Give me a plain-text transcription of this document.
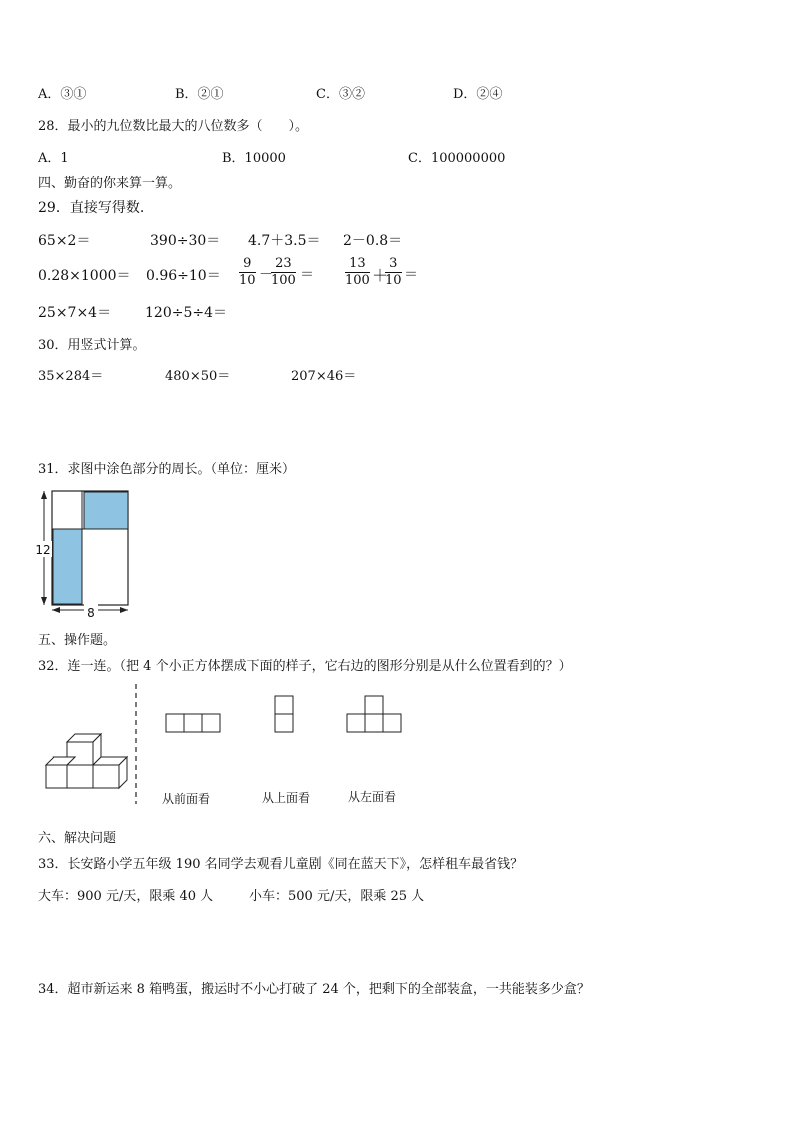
A．③①	B．②①	C．③②	D．②④
28．最小的九位数比最大的八位数多（　　）。
A．1	B．10000	C．100000000
四、勤奋的你来算一算。
29．直接写得数.
65×2＝	390÷30＝ 4.7＋3.5＝ 2－0.8＝
$0.28\times 1000= 0.96\div 10= \frac{9}{10}$ －
$\frac{23}{100} = \frac{13}{100}$ ＋
$\frac{3}{10}$ ＝
25×7×4＝ 120÷5÷4＝
30．用竖式计算。
35×284＝	480×50＝	207×46＝
31．求图中涂色部分的周长。（单位：厘米）
12
8
五、操作题。
32．连一连。（把 4 个小正方体摆成下面的样子，它右边的图形分别是从什么位置看到的？）
从前面看	从上面看	从左面看
六、解决问题
33．长安路小学五年级 190 名同学去观看儿童剧《同在蓝天下》，怎样租车最省钱？
大车：900 元/天，限乘 40 人	小车：500 元/天，限乘 25 人
34．超市新运来 8 箱鸭蛋，搬运时不小心打破了 24 个，把剩下的全部装盒，一共能装多少盒？
